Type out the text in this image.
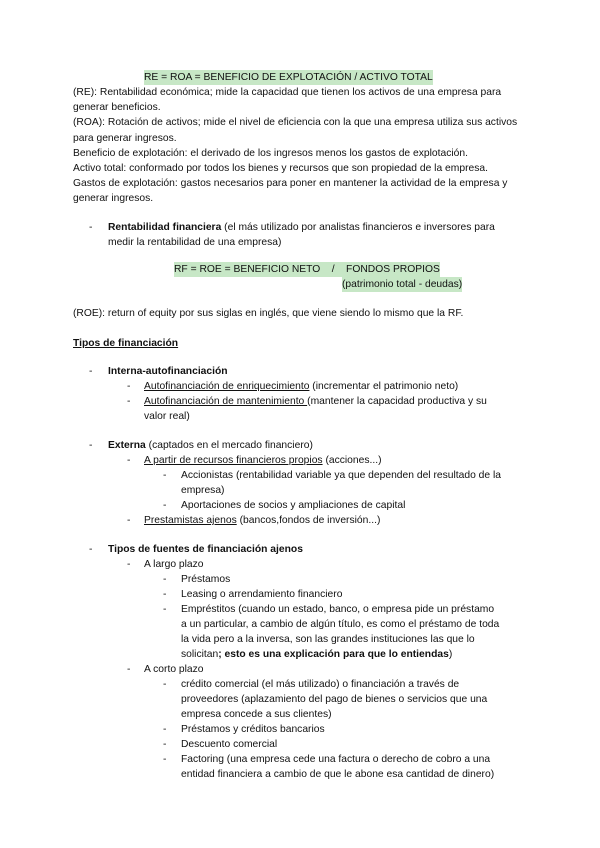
RE = ROA = BENEFICIO DE EXPLOTACIÓN / ACTIVO TOTAL

(RE): Rentabilidad económica; mide la capacidad que tienen los activos de una empresa para generar beneficios.

(ROA): Rotación de activos; mide el nivel de eficiencia con la que una empresa utiliza sus activos para generar ingresos.

Beneficio de explotación: el derivado de los ingresos menos los gastos de explotación.

Activo total: conformado por todos los bienes y recursos que son propiedad de la empresa.

Gastos de explotación: gastos necesarios para poner en mantener la actividad de la empresa y generar ingresos.

- Rentabilidad financiera (el más utilizado por analistas financieros e inversores para
medir la rentabilidad de una empresa)
RF = ROE = BENEFICIO NETO    /    FONDOS PROPIOS
(patrimonio total - deudas)
(ROE): return of equity por sus siglas en inglés, que viene siendo lo mismo que la RF.
Tipos de financiación
- Interna-autofinanciación
- Autofinanciación de enriquecimiento (incrementar el patrimonio neto)
- Autofinanciación de mantenimiento (mantener la capacidad productiva y su
valor real)
- Externa (captados en el mercado financiero)
- A partir de recursos financieros propios (acciones...)
- Accionistas (rentabilidad variable ya que dependen del resultado de la
empresa)
- Aportaciones de socios y ampliaciones de capital
- Prestamistas ajenos (bancos,fondos de inversión...)
- Tipos de fuentes de financiación ajenos
- A largo plazo
- Préstamos
- Leasing o arrendamiento financiero
- Empréstitos (cuando un estado, banco, o empresa pide un préstamo
a un particular, a cambio de algún título, es como el préstamo de toda
la vida pero a la inversa, son las grandes instituciones las que lo
solicitan; esto es una explicación para que lo entiendas)
- A corto plazo
- crédito comercial (el más utilizado) o financiación a través de
proveedores (aplazamiento del pago de bienes o servicios que una
empresa concede a sus clientes)
- Préstamos y créditos bancarios
- Descuento comercial
- Factoring (una empresa cede una factura o derecho de cobro a una
entidad financiera a cambio de que le abone esa cantidad de dinero)
